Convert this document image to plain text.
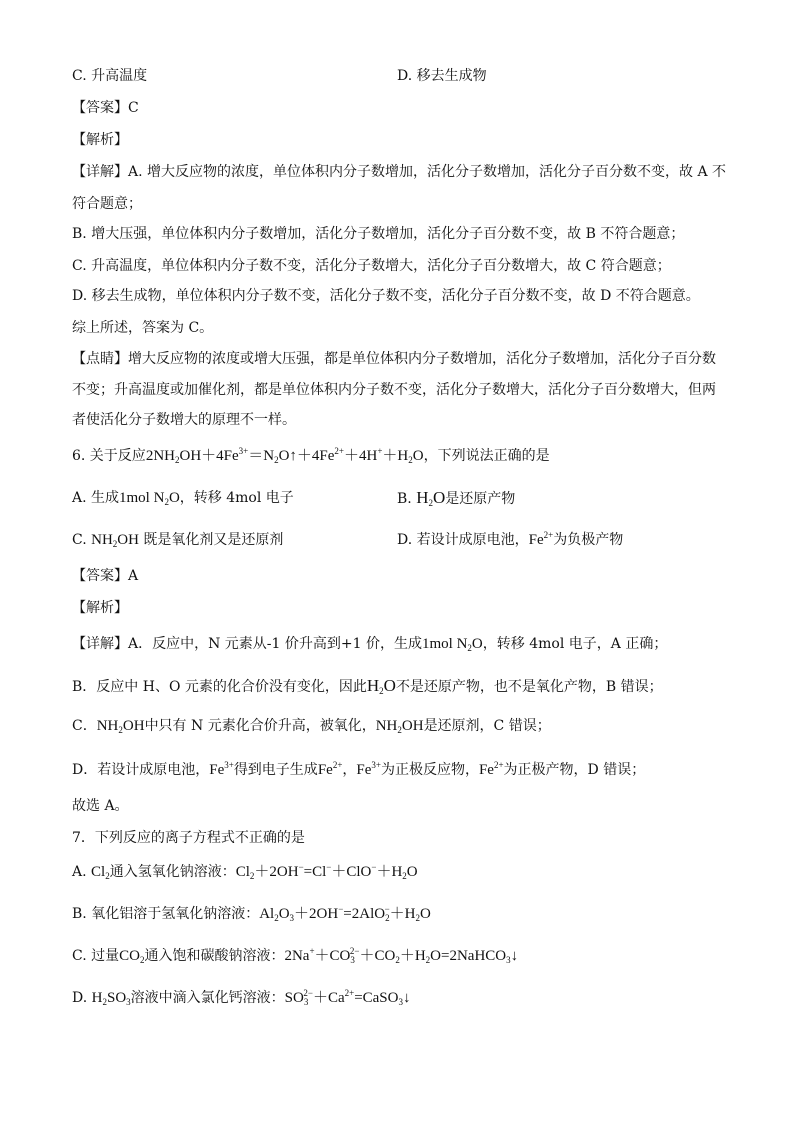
C. 升高温度	D. 移去生成物
【答案】C
【解析】
【详解】A. 增大反应物的浓度，单位体积内分子数增加，活化分子数增加，活化分子百分数不变，故 A 不
符合题意；
B. 增大压强，单位体积内分子数增加，活化分子数增加，活化分子百分数不变，故 B 不符合题意；
C. 升高温度，单位体积内分子数不变，活化分子数增大，活化分子百分数增大，故 C 符合题意；
D. 移去生成物，单位体积内分子数不变，活化分子数不变，活化分子百分数不变，故 D 不符合题意。
综上所述，答案为 C。
【点睛】增大反应物的浓度或增大压强，都是单位体积内分子数增加，活化分子数增加，活化分子百分数
不变；升高温度或加催化剂，都是单位体积内分子数不变，活化分子数增大，活化分子百分数增大，但两
者使活化分子数增大的原理不一样。
6. 关于反应$2NH_2OH+4Fe^{3+}=N_2O↑+4Fe^{2+}+4H^++H_2O$，下列说法正确的是
A. 生成1mol $N_2O$，转移 4mol 电子	B. $H_2O$是还原产物
C. $NH_2OH$ 既是氧化剂又是还原剂	D. 若设计成原电池，$Fe^{2+}$为负极产物
【答案】A
【解析】
【详解】A．反应中，N 元素从-1 价升高到+1 价，生成1mol $N_2O$，转移 4mol 电子，A 正确；
B．反应中 H、O 元素的化合价没有变化，因此$H_2O$不是还原产物，也不是氧化产物，B 错误；
C．$NH_2OH$中只有 N 元素化合价升高，被氧化，$NH_2OH$是还原剂，C 错误；
D．若设计成原电池，$Fe^{3+}$得到电子生成$Fe^{2+}$，$Fe^{3+}$为正极反应物，$Fe^{2+}$为正极产物，D 错误；
故选 A。
7．下列反应的离子方程式不正确的是
A. $Cl_2$通入氢氧化钠溶液：$Cl_2+2OH^-=Cl^-+ClO^-+H_2O$
B. 氧化铝溶于氢氧化钠溶液：$Al_2O_3+2OH^-=2AlO_2^-+H_2O$
C. 过量$CO_2$通入饱和碳酸钠溶液：$2Na^++CO_3^{2-}+CO_2+H_2O=2NaHCO_3↓$
D. $H_2SO_3$溶液中滴入氯化钙溶液：$SO_3^{2-}+Ca^{2+}=CaSO_3↓$
